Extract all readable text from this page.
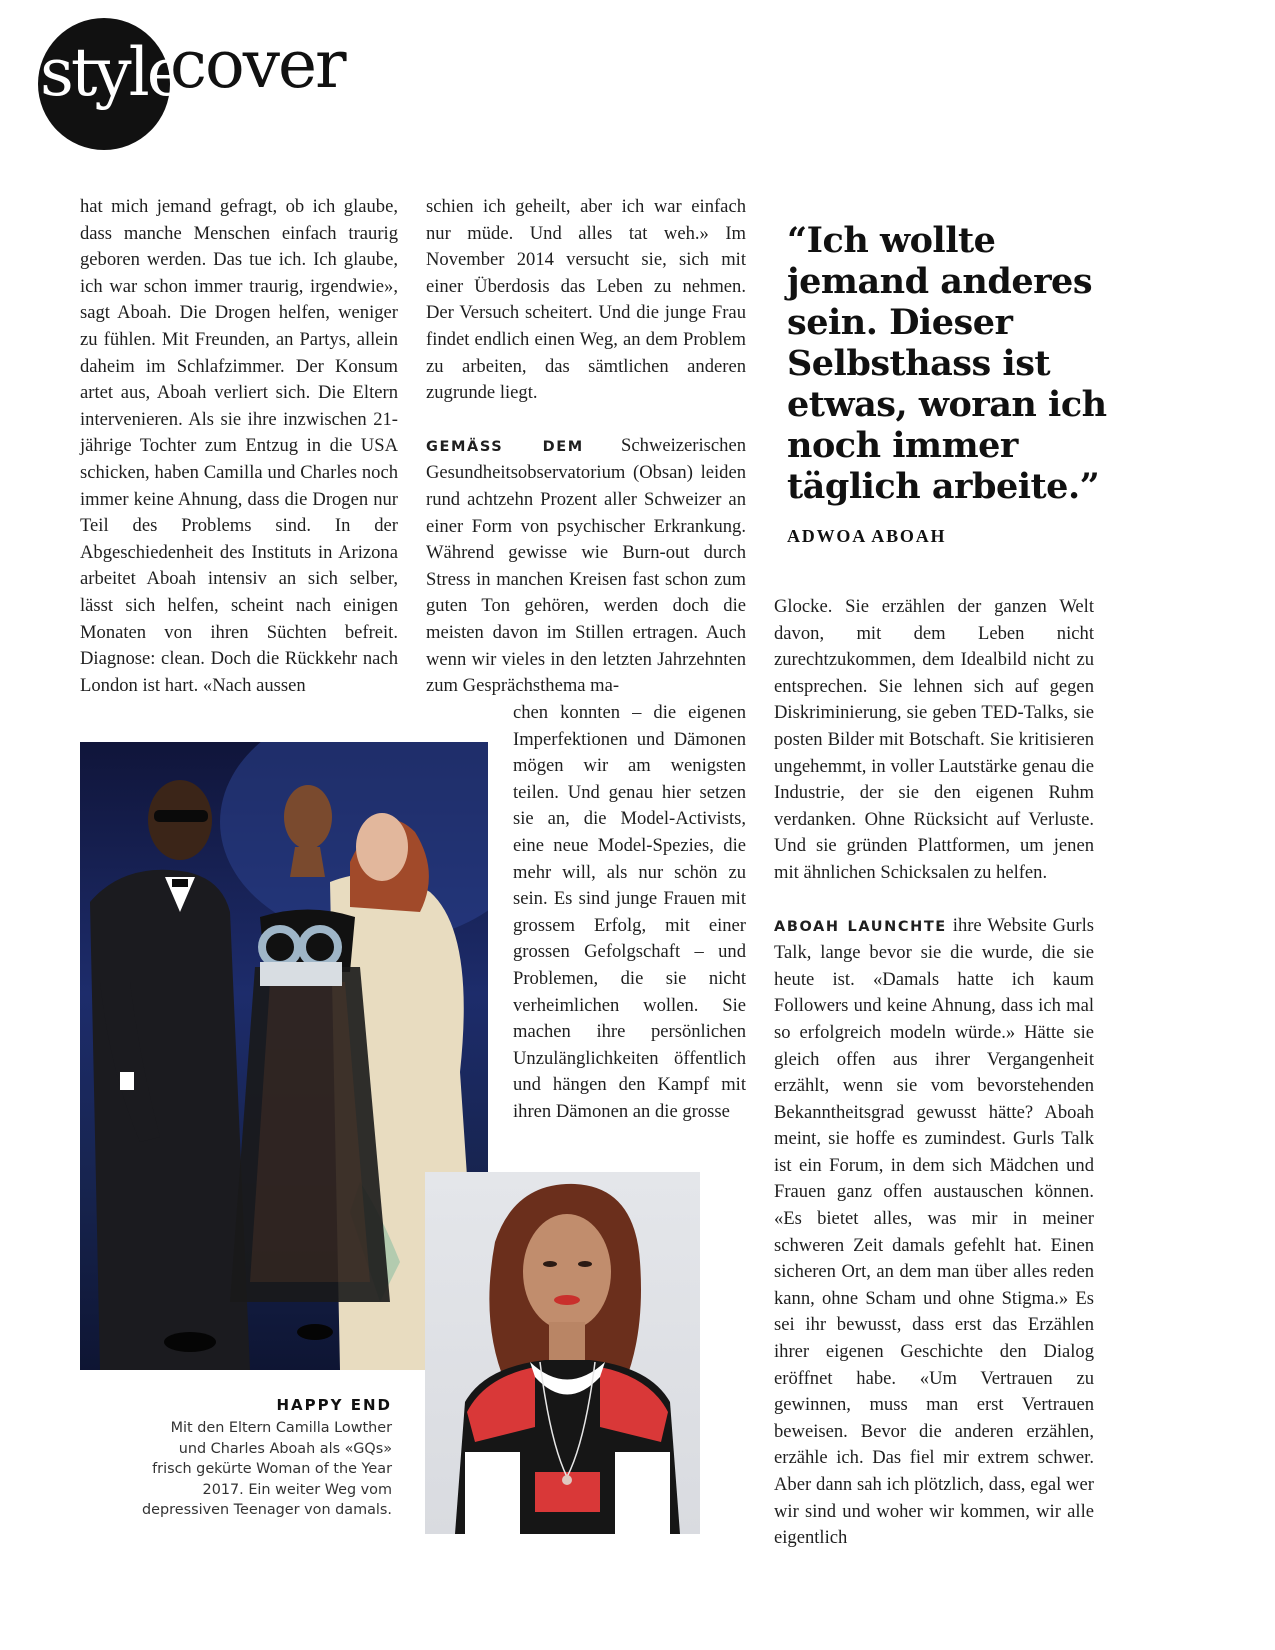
style
cover

hat mich jemand gefragt, ob ich glaube, dass manche Menschen einfach traurig geboren werden. Das tue ich. Ich glaube, ich war schon immer traurig, irgendwie», sagt Aboah. Die Drogen helfen, weniger zu fühlen. Mit Freunden, an Partys, allein daheim im Schlafzimmer. Der Konsum artet aus, Aboah verliert sich. Die Eltern intervenieren. Als sie ihre inzwischen 21-jährige Tochter zum Entzug in die USA schicken, haben Camilla und Charles noch immer keine Ahnung, dass die Drogen nur Teil des Problems sind. In der Abgeschiedenheit des Instituts in Arizona arbeitet Aboah intensiv an sich selber, lässt sich helfen, scheint nach einigen Monaten von ihren Süchten befreit. Diagnose: clean. Doch die Rückkehr nach London ist hart. «Nach aussen

schien ich geheilt, aber ich war einfach nur müde. Und alles tat weh.» Im November 2014 versucht sie, sich mit einer Überdosis das Leben zu nehmen. Der Versuch scheitert. Und die junge Frau findet endlich einen Weg, an dem Problem zu arbeiten, das sämtlichen anderen zugrunde liegt.

GEMÄSS DEM Schweizerischen Gesundheitsobservatorium (Obsan) leiden rund achtzehn Prozent aller Schweizer an einer Form von psychischer Erkrankung. Während gewisse wie Burn-out durch Stress in manchen Kreisen fast schon zum guten Ton gehören, werden doch die meisten davon im Stillen ertragen. Auch wenn wir vieles in den letzten Jahrzehnten zum Gesprächsthema ma-

chen konnten – die eigenen Imperfektionen und Dämonen mögen wir am wenigsten teilen. Und genau hier setzen sie an, die Model-Activists, eine neue Model-Spezies, die mehr will, als nur schön zu sein. Es sind junge Frauen mit grossem Erfolg, mit einer grossen Gefolgschaft – und Problemen, die sie nicht verheimlichen wollen. Sie machen ihre persönlichen Unzulänglichkeiten öffentlich und hängen den Kampf mit ihren Dämonen an die grosse

“Ich wollte jemand anderes sein. Dieser Selbsthass ist etwas, woran ich noch immer täglich arbeite.”
ADWOA ABOAH

Glocke. Sie erzählen der ganzen Welt davon, mit dem Leben nicht zurechtzukommen, dem Idealbild nicht zu entsprechen. Sie lehnen sich auf gegen Diskriminierung, sie geben TED-Talks, sie posten Bilder mit Botschaft. Sie kritisieren ungehemmt, in voller Lautstärke genau die Industrie, der sie den eigenen Ruhm verdanken. Ohne Rücksicht auf Verluste. Und sie gründen Plattformen, um jenen mit ähnlichen Schicksalen zu helfen.

ABOAH LAUNCHTE ihre Website Gurls Talk, lange bevor sie die wurde, die sie heute ist. «Damals hatte ich kaum Followers und keine Ahnung, dass ich mal so erfolgreich modeln würde.» Hätte sie gleich offen aus ihrer Vergangenheit erzählt, wenn sie vom bevorstehenden Bekanntheitsgrad gewusst hätte? Aboah meint, sie hoffe es zumindest. Gurls Talk ist ein Forum, in dem sich Mädchen und Frauen ganz offen austauschen können. «Es bietet alles, was mir in meiner schweren Zeit damals gefehlt hat. Einen sicheren Ort, an dem man über alles reden kann, ohne Scham und ohne Stigma.» Es sei ihr bewusst, dass erst das Erzählen ihrer eigenen Geschichte den Dialog eröffnet habe. «Um Vertrauen zu gewinnen, muss man erst Vertrauen beweisen. Bevor die anderen erzählen, erzähle ich. Das fiel mir extrem schwer. Aber dann sah ich plötzlich, dass, egal wer wir sind und woher wir kommen, wir alle eigentlich

HAPPY END
Mit den Eltern Camilla Lowther und Charles Aboah als «GQs» frisch gekürte Woman of the Year 2017. Ein weiter Weg vom depressiven Teenager von damals.
